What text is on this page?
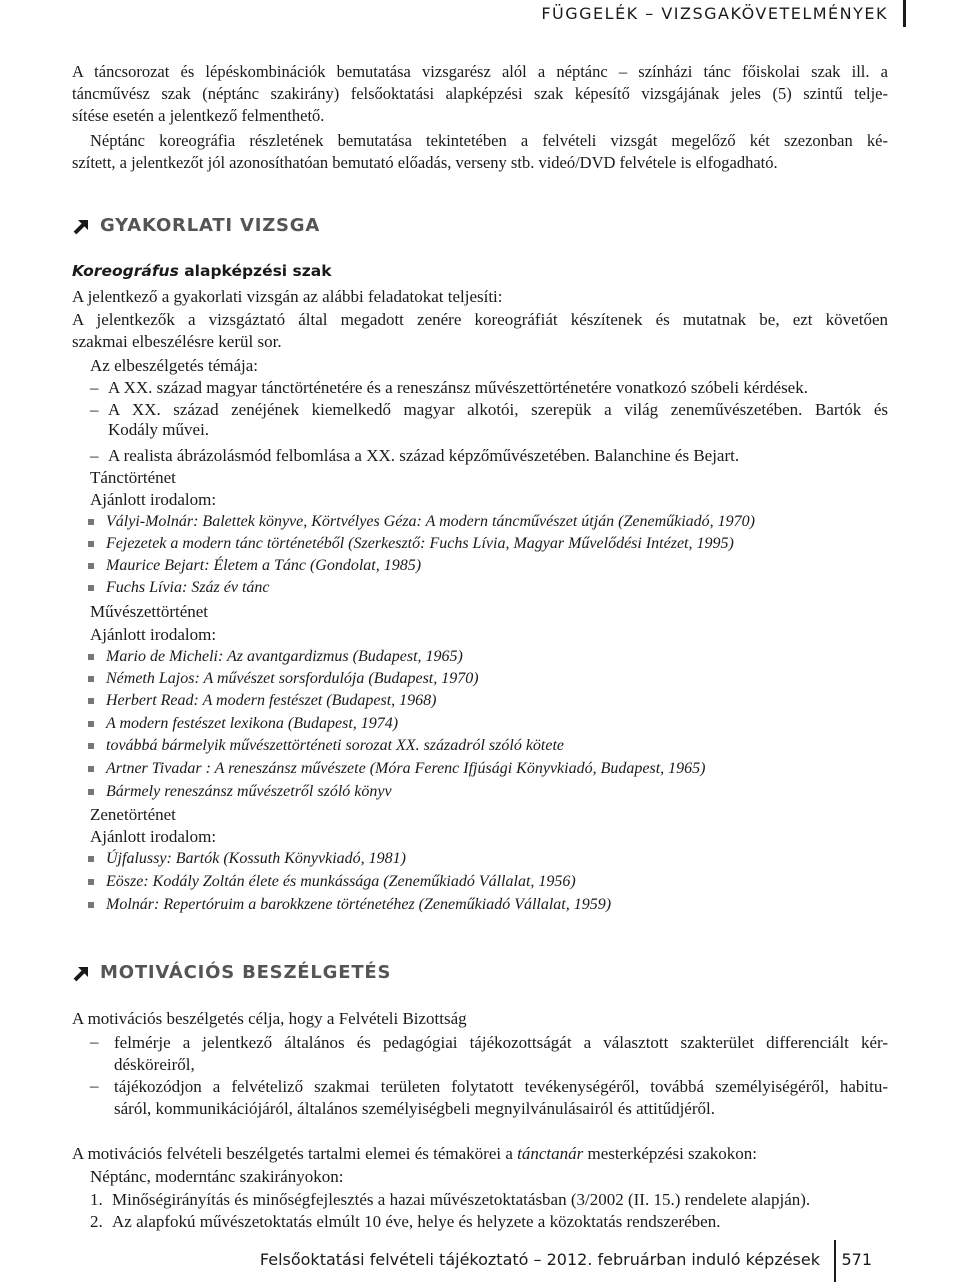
FÜGGELÉK – VIZSGAKÖVETELMÉNYEK
A táncsorozat és lépéskombinációk bemutatása vizsgarész alól a néptánc – színházi tánc főiskolai szak ill. a
táncművész szak (néptánc szakirány) felsőoktatási alapképzési szak képesítő vizsgájának jeles (5) szintű telje-
sítése esetén a jelentkező felmenthető.
Néptánc koreográfia részletének bemutatása tekintetében a felvételi vizsgát megelőző két szezonban ké-
szített, a jelentkezőt jól azonosíthatóan bemutató előadás, verseny stb. videó/DVD felvétele is elfogadható.
GYAKORLATI VIZSGA
Koreográfus alapképzési szak
A jelentkező a gyakorlati vizsgán az alábbi feladatokat teljesíti:
A jelentkezők a vizsgáztató által megadott zenére koreográfiát készítenek és mutatnak be, ezt követően
szakmai elbeszélésre kerül sor.
Az elbeszélgetés témája:
– A XX. század magyar tánctörténetére és a reneszánsz művészettörténetére vonatkozó szóbeli kérdések.
– A XX. század zenéjének kiemelkedő magyar alkotói, szerepük a világ zeneművészetében. Bartók és
Kodály művei.
– A realista ábrázolásmód felbomlása a XX. század képzőművészetében. Balanchine és Bejart.
Tánctörténet
Ajánlott irodalom:
Vályi-Molnár: Balettek könyve, Körtvélyes Géza: A modern táncművészet útján (Zeneműkiadó, 1970)
Fejezetek a modern tánc történetéből (Szerkesztő: Fuchs Lívia, Magyar Művelődési Intézet, 1995)
Maurice Bejart: Életem a Tánc (Gondolat, 1985)
Fuchs Lívia: Száz év tánc
Művészettörténet
Ajánlott irodalom:
Mario de Micheli: Az avantgardizmus (Budapest, 1965)
Németh Lajos: A művészet sorsfordulója (Budapest, 1970)
Herbert Read: A modern festészet (Budapest, 1968)
A modern festészet lexikona (Budapest, 1974)
továbbá bármelyik művészettörténeti sorozat XX. századról szóló kötete
Artner Tivadar : A reneszánsz művészete (Móra Ferenc Ifjúsági Könyvkiadó, Budapest, 1965)
Bármely reneszánsz művészetről szóló könyv
Zenetörténet
Ajánlott irodalom:
Újfalussy: Bartók (Kossuth Könyvkiadó, 1981)
Eösze: Kodály Zoltán élete és munkássága (Zeneműkiadó Vállalat, 1956)
Molnár: Repertóruim a barokkzene történetéhez (Zeneműkiadó Vállalat, 1959)
MOTIVÁCIÓS BESZÉLGETÉS
A motivációs beszélgetés célja, hogy a Felvételi Bizottság
– felmérje a jelentkező általános és pedagógiai tájékozottságát a választott szakterület differenciált kér-
désköreiről,
– tájékozódjon a felvételiző szakmai területen folytatott tevékenységéről, továbbá személyiségéről, habitu-
sáról, kommunikációjáról, általános személyiségbeli megnyilvánulásairól és attitűdjéről.
A motivációs felvételi beszélgetés tartalmi elemei és témakörei a tánctanár mesterképzési szakokon:
Néptánc, moderntánc szakirányokon:
1. Minőségirányítás és minőségfejlesztés a hazai művészetoktatásban (3/2002 (II. 15.) rendelete alapján).
2. Az alapfokú művészetoktatás elmúlt 10 éve, helye és helyzete a közoktatás rendszerében.
Felsőoktatási felvételi tájékoztató – 2012. februárban induló képzések 571
